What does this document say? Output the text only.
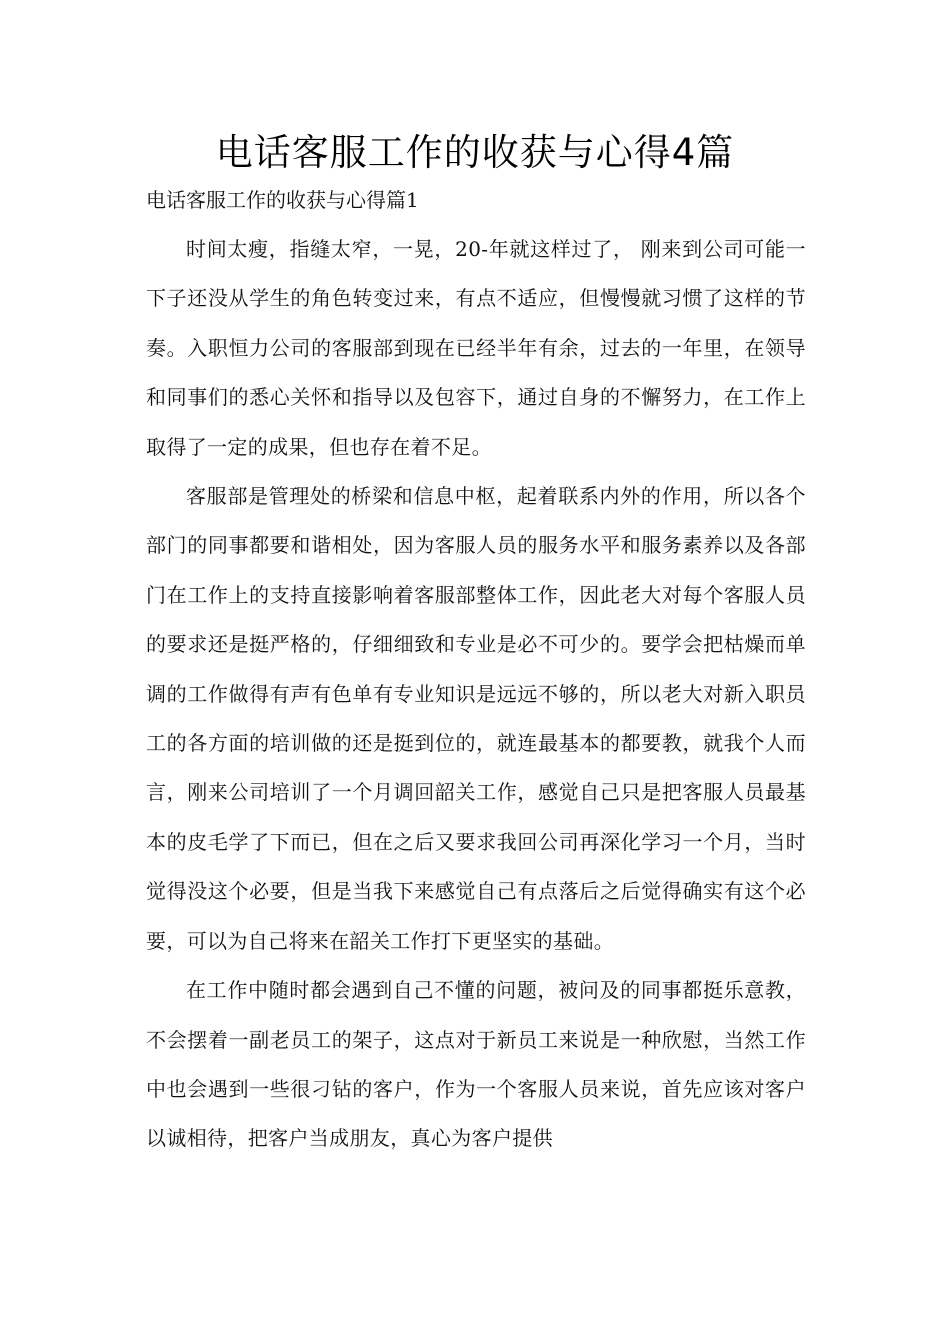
电话客服工作的收获与心得4篇
电话客服工作的收获与心得篇1

时间太瘦，指缝太窄，一晃，20-年就这样过了， 刚来到公司可能一下子还没从学生的角色转变过来，有点不适应，但慢慢就习惯了这样的节奏。入职恒力公司的客服部到现在已经半年有余，过去的一年里，在领导和同事们的悉心关怀和指导以及包容下，通过自身的不懈努力，在工作上取得了一定的成果，但也存在着不足。

客服部是管理处的桥梁和信息中枢，起着联系内外的作用，所以各个部门的同事都要和谐相处，因为客服人员的服务水平和服务素养以及各部门在工作上的支持直接影响着客服部整体工作，因此老大对每个客服人员的要求还是挺严格的，仔细细致和专业是必不可少的。要学会把枯燥而单调的工作做得有声有色单有专业知识是远远不够的，所以老大对新入职员工的各方面的培训做的还是挺到位的，就连最基本的都要教，就我个人而言，刚来公司培训了一个月调回韶关工作，感觉自己只是把客服人员最基本的皮毛学了下而已，但在之后又要求我回公司再深化学习一个月，当时觉得没这个必要，但是当我下来感觉自己有点落后之后觉得确实有这个必要，可以为自己将来在韶关工作打下更坚实的基础。

在工作中随时都会遇到自己不懂的问题，被问及的同事都挺乐意教，不会摆着一副老员工的架子，这点对于新员工来说是一种欣慰，当然工作中也会遇到一些很刁钻的客户，作为一个客服人员来说，首先应该对客户以诚相待，把客户当成朋友，真心为客户提供
